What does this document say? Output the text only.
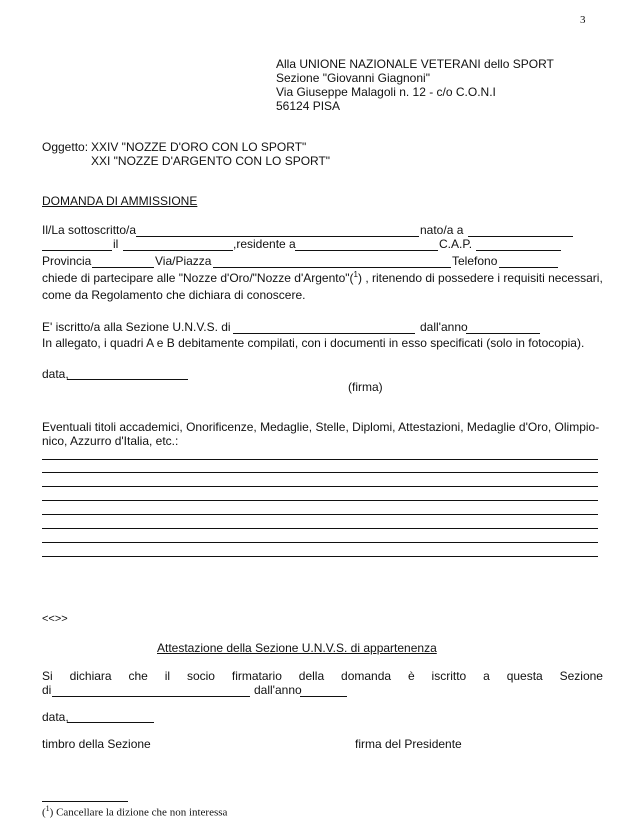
3
Alla UNIONE NAZIONALE VETERANI dello SPORT
Sezione "Giovanni Giagnoni"
Via Giuseppe Malagoli n. 12 - c/o C.O.N.I
56124 PISA
Oggetto: XXIV "NOZZE D'ORO CON LO SPORT"
XXI "NOZZE D'ARGENTO CON LO SPORT"
DOMANDA DI AMMISSIONE
Il/La sottoscritto/a	nato/a a
il	,residente a	C.A.P.
Provincia	Via/Piazza	Telefono
chiede di partecipare alle "Nozze d'Oro/"Nozze d'Argento"($^1$) , ritenendo di possedere i requisiti necessari,
come da Regolamento che dichiara di conoscere.
E' iscritto/a alla Sezione U.N.V.S. di	dall'anno
In allegato, i quadri A e B debitamente compilati, con i documenti in esso specificati (solo in fotocopia).
data,
(firma)
Eventuali titoli accademici, Onorificenze, Medaglie, Stelle, Diplomi, Attestazioni, Medaglie d'Oro, Olimpio-
nico, Azzurro d'Italia, etc.:
<<>>
Attestazione della Sezione U.N.V.S. di appartenenza
Si dichiara che il socio firmatario della domanda è iscritto a questa Sezione
di	dall'anno
data,
timbro della Sezione	firma del Presidente
($^1$) Cancellare la dizione che non interessa
